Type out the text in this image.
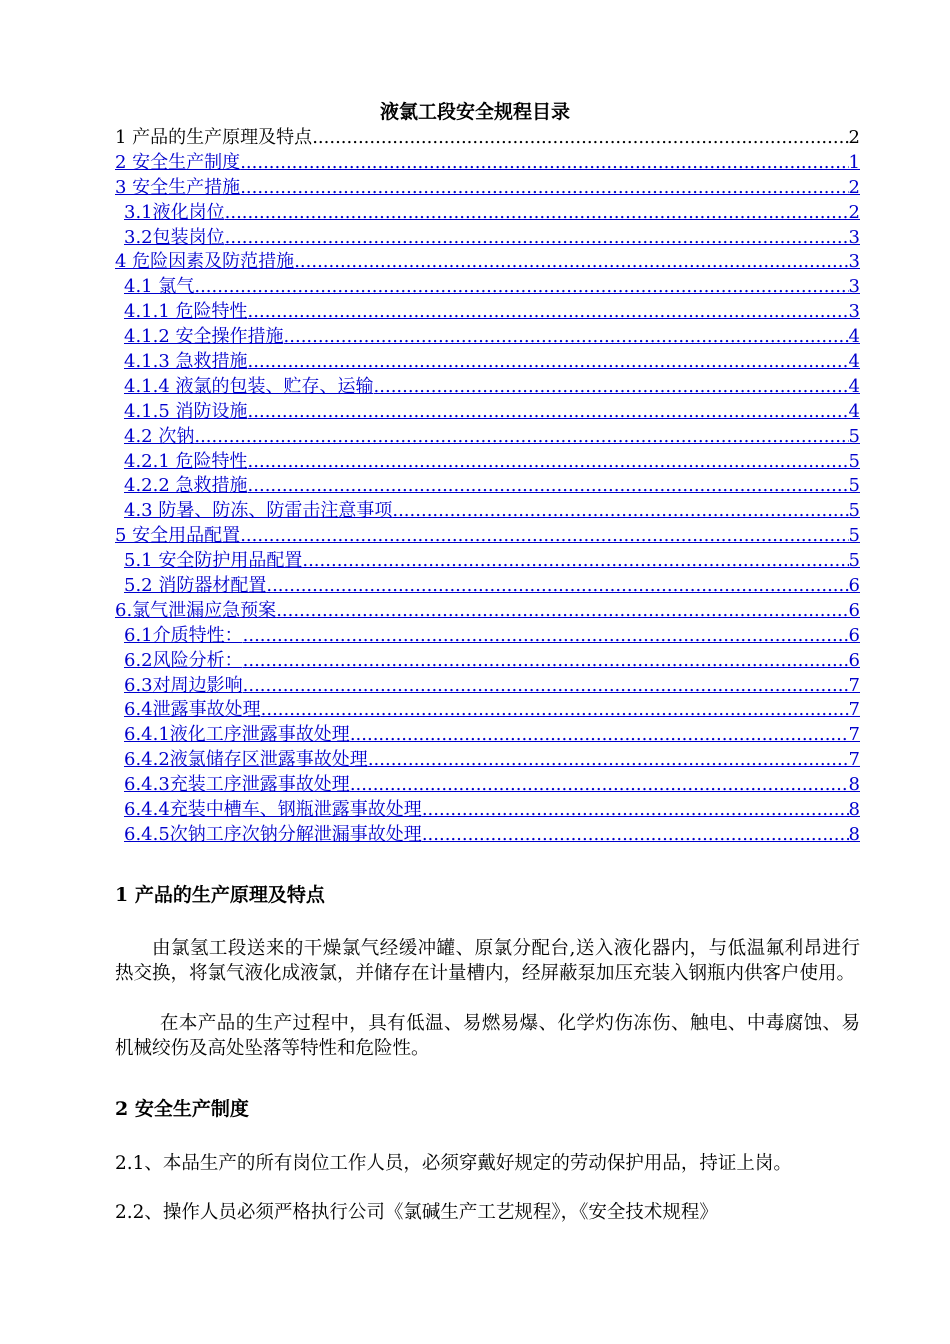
液氯工段安全规程目录
1 产品的生产原理及特点 .....	2
2 安全生产制度 .....	1
3 安全生产措施 .....	2
3.1液化岗位 .....	2
3.2包装岗位 .....	3
4 危险因素及防范措施 .....	3
4.1 氯气 .....	3
4.1.1 危险特性 .....	3
4.1.2 安全操作措施 .....	4
4.1.3 急救措施 .....	4
4.1.4 液氯的包装、贮存、运输 .....	4
4.1.5 消防设施 .....	4
4.2 次钠 .....	5
4.2.1 危险特性 .....	5
4.2.2 急救措施 .....	5
4.3 防暑、防冻、防雷击注意事项 .....	5
5 安全用品配置 .....	5
5.1 安全防护用品配置 .....	5
5.2 消防器材配置 .....	6
6.氯气泄漏应急预案 .....	6
6.1介质特性： .....	6
6.2风险分析： .....	6
6.3对周边影响 .....	7
6.4泄露事故处理 .....	7
6.4.1液化工序泄露事故处理 .....	7
6.4.2液氯储存区泄露事故处理 .....	7
6.4.3充装工序泄露事故处理 .....	8
6.4.4充装中槽车、钢瓶泄露事故处理 .....	8
6.4.5次钠工序次钠分解泄漏事故处理 .....	8
1 产品的生产原理及特点
由氯氢工段送来的干燥氯气经缓冲罐、原氯分配台,送入液化器内，与低温氟利昂进行热交换，将氯气液化成液氯，并储存在计量槽内，经屏蔽泵加压充装入钢瓶内供客户使用。
在本产品的生产过程中，具有低温、易燃易爆、化学灼伤冻伤、触电、中毒腐蚀、易机械绞伤及高处坠落等特性和危险性。
2 安全生产制度
2.1、本品生产的所有岗位工作人员，必须穿戴好规定的劳动保护用品，持证上岗。
2.2、操作人员必须严格执行公司《氯碱生产工艺规程》，《安全技术规程》
